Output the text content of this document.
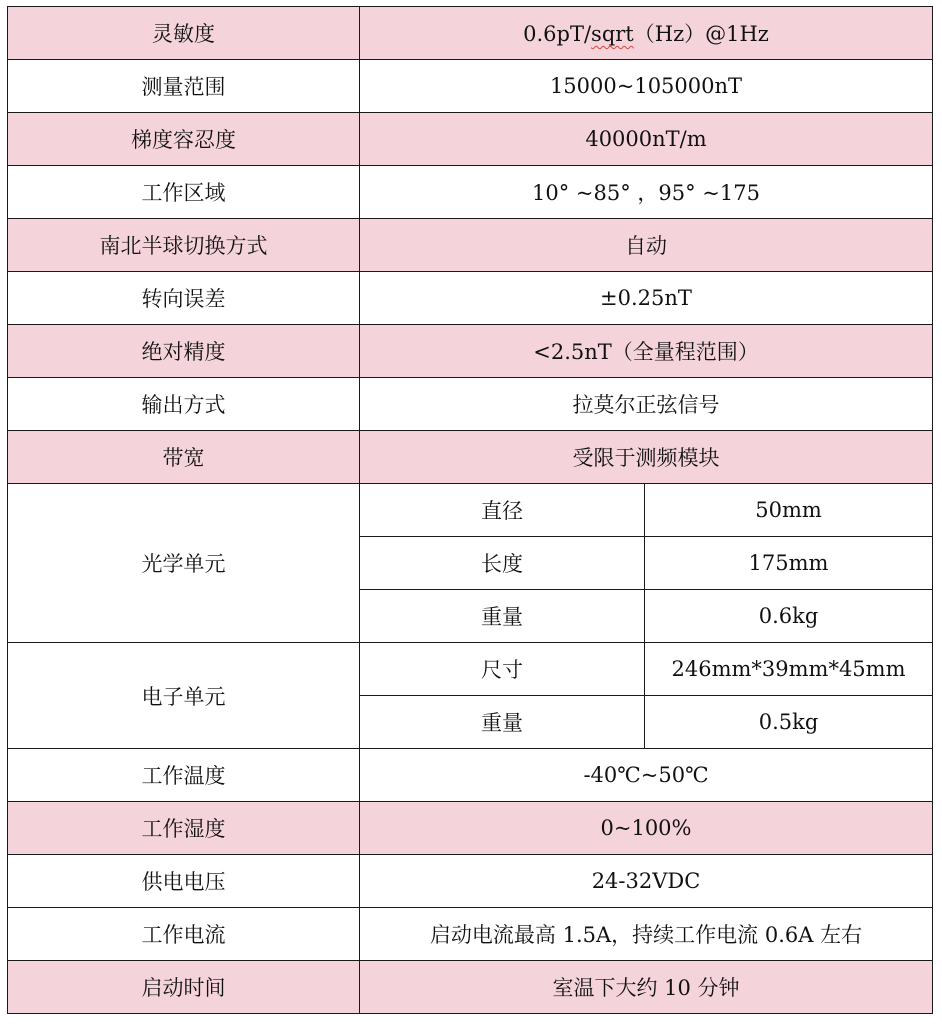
灵敏度	0.6pT/sqrt（Hz）@1Hz	
测量范围	15000~105000nT	
梯度容忍度	40000nT/m	
工作区域	10° ~85° ，95° ~175	
南北半球切换方式	自动	
转向误差	±0.25nT	
绝对精度	<2.5nT（全量程范围）	
输出方式	拉莫尔正弦信号	
带宽	受限于测频模块	
光学单元	直径	50mm
	长度	175mm
	重量	0.6kg
电子单元	尺寸	246mm*39mm*45mm
	重量	0.5kg
工作温度	-40℃~50℃	
工作湿度	0~100%	
供电电压	24-32VDC	
工作电流	启动电流最高 1.5A，持续工作电流 0.6A 左右	
启动时间	室温下大约 10 分钟	
